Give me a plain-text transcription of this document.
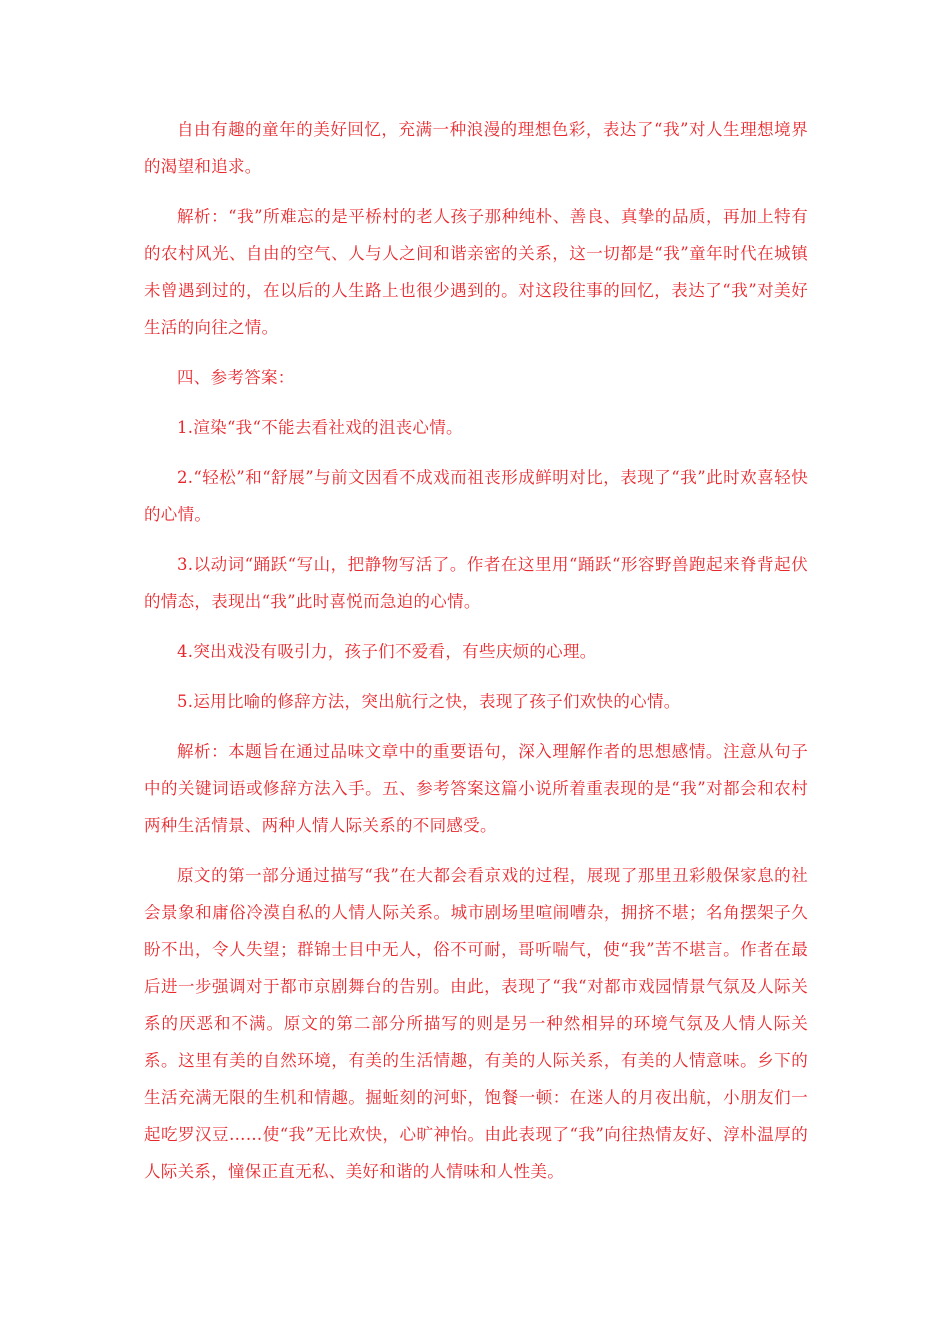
自由有趣的童年的美好回忆，充满一种浪漫的理想色彩，表达了“我”对人生理想境界的渴望和追求。

解析：“我”所难忘的是平桥村的老人孩子那种纯朴、善良、真挚的品质，再加上特有的农村风光、自由的空气、人与人之间和谐亲密的关系，这一切都是“我”童年时代在城镇未曾遇到过的，在以后的人生路上也很少遇到的。对这段往事的回忆，表达了“我”对美好生活的向往之情。

四、参考答案：

1.渲染“我“不能去看社戏的沮丧心情。

2.“轻松”和“舒展”与前文因看不成戏而祖丧形成鲜明对比，表现了“我”此时欢喜轻快的心情。

3.以动词“踊跃“写山，把静物写活了。作者在这里用“踊跃“形容野兽跑起来脊背起伏的情态，表现出“我”此时喜悦而急迫的心情。

4.突出戏没有吸引力，孩子们不爱看，有些庆烦的心理。

5.运用比喻的修辞方法，突出航行之快，表现了孩子们欢快的心情。

解析：本题旨在通过品味文章中的重要语句，深入理解作者的思想感情。注意从句子中的关键词语或修辞方法入手。五、参考答案这篇小说所着重表现的是“我”对都会和农村两种生活情景、两种人情人际关系的不同感受。

原文的第一部分通过描写“我”在大都会看京戏的过程，展现了那里丑彩般保家息的社会景象和庸俗冷漠自私的人情人际关系。城市剧场里喧闹嘈杂，拥挤不堪；名角摆架子久盼不出，令人失望；群锦士目中无人，俗不可耐，哥听喘气，使“我”苦不堪言。作者在最后进一步强调对于都市京剧舞台的告别。由此，表现了“我“对都市戏园情景气氛及人际关系的厌恶和不满。原文的第二部分所描写的则是另一种然相异的环境气氛及人情人际关系。这里有美的自然环境，有美的生活情趣，有美的人际关系，有美的人情意味。乡下的生活充满无限的生机和情趣。掘蚯刻的河虾，饱餐一顿：在迷人的月夜出航，小朋友们一起吃罗汉豆……使“我”无比欢快，心旷神怡。由此表现了“我”向往热情友好、淳朴温厚的人际关系，憧保正直无私、美好和谐的人情味和人性美。
